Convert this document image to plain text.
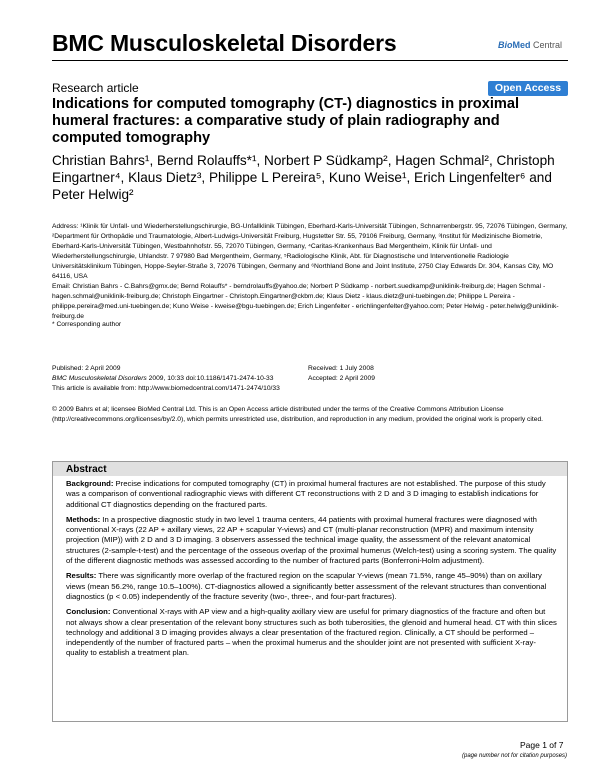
BMC Musculoskeletal Disorders	BioMed Central
Research article	Open Access
Indications for computed tomography (CT-) diagnostics in proximal humeral fractures: a comparative study of plain radiography and computed tomography
Christian Bahrs¹, Bernd Rolauffs*¹, Norbert P Südkamp², Hagen Schmal², Christoph Eingartner⁴, Klaus Dietz³, Philippe L Pereira⁵, Kuno Weise¹, Erich Lingenfelter⁶ and Peter Helwig²
Address: ¹Klinik für Unfall- und Wiederherstellungschirurgie, BG-Unfallklinik Tübingen, Eberhard-Karls-Universität Tübingen, Schnarrenbergstr. 95, 72076 Tübingen, Germany, ²Department für Orthopädie und Traumatologie, Albert-Ludwigs-Universität Freiburg, Hugstetter Str. 55, 79106 Freiburg, Germany, ³Institut für Medizinische Biometrie, Eberhard-Karls-Universität Tübingen, Westbahnhofstr. 55, 72070 Tübingen, Germany, ⁴Caritas-Krankenhaus Bad Mergentheim, Klinik für Unfall- und Wiederherstellungschirurgie, Uhlandstr. 7 97980 Bad Mergentheim, Germany, ⁵Radiologische Klinik, Abt. für Diagnostische und Interventionelle Radiologie Universitätsklinikum Tübingen, Hoppe-Seyler-Straße 3, 72076 Tübingen, Germany and ⁶Northland Bone and Joint Institute, 2750 Clay Edwards Dr. 304, Kansas City, MO 64116, USA
Email: Christian Bahrs - C.Bahrs@gmx.de; Bernd Rolauffs* - berndrolauffs@yahoo.de; Norbert P Südkamp - norbert.suedkamp@uniklinik-freiburg.de; Hagen Schmal - hagen.schmal@uniklinik-freiburg.de; Christoph Eingartner - Christoph.Eingartner@ckbm.de; Klaus Dietz - klaus.dietz@uni-tuebingen.de; Philippe L Pereira - philippe.pereira@med.uni-tuebingen.de; Kuno Weise - kweise@bgu-tuebingen.de; Erich Lingenfelter - erichlingenfelter@yahoo.com; Peter Helwig - peter.helwig@uniklinik-freiburg.de
* Corresponding author
Published: 2 April 2009	Received: 1 July 2008
BMC Musculoskeletal Disorders 2009, 10:33 doi:10.1186/1471-2474-10-33	Accepted: 2 April 2009
This article is available from: http://www.biomedcentral.com/1471-2474/10/33
© 2009 Bahrs et al; licensee BioMed Central Ltd. This is an Open Access article distributed under the terms of the Creative Commons Attribution License (http://creativecommons.org/licenses/by/2.0), which permits unrestricted use, distribution, and reproduction in any medium, provided the original work is properly cited.
Abstract

Background: Precise indications for computed tomography (CT) in proximal humeral fractures are not established. The purpose of this study was a comparison of conventional radiographic views with different CT reconstructions with 2 D and 3 D imaging to establish indications for additional CT diagnostics depending on the fractured parts.

Methods: In a prospective diagnostic study in two level 1 trauma centers, 44 patients with proximal humeral fractures were diagnosed with conventional X-rays (22 AP + axillary views, 22 AP + scapular Y-views) and CT (multi-planar reconstruction (MPR) and maximum intensity projection (MIP)) with 2 D and 3 D imaging. 3 observers assessed the technical image quality, the assessment of the relevant anatomical structures (2-sample-t-test) and the percentage of the osseous overlap of the proximal humerus (Welch-test) using a scoring system. The quality of the different diagnostic methods was assessed according to the number of fractured parts (Bonferroni-Holm adjustment).

Results: There was significantly more overlap of the fractured region on the scapular Y-views (mean 71.5%, range 45–90%) than on axillary views (mean 56.2%, range 10.5–100%). CT-diagnostics allowed a significantly better assessment of the relevant structures than conventional diagnostics (p < 0.05) independently of the fracture severity (two-, three-, and four-part fractures).

Conclusion: Conventional X-rays with AP view and a high-quality axillary view are useful for primary diagnostics of the fracture and often but not always show a clear presentation of the relevant bony structures such as both tuberosities, the glenoid and humeral head. CT with thin slices technology and additional 3 D imaging provides always a clear presentation of the fractured region. Clinically, a CT should be performed – independently of the number of fractured parts – when the proximal humerus and the shoulder joint are not presented with sufficient X-ray-quality to establish a treatment plan.

Page 1 of 7
(page number not for citation purposes)
